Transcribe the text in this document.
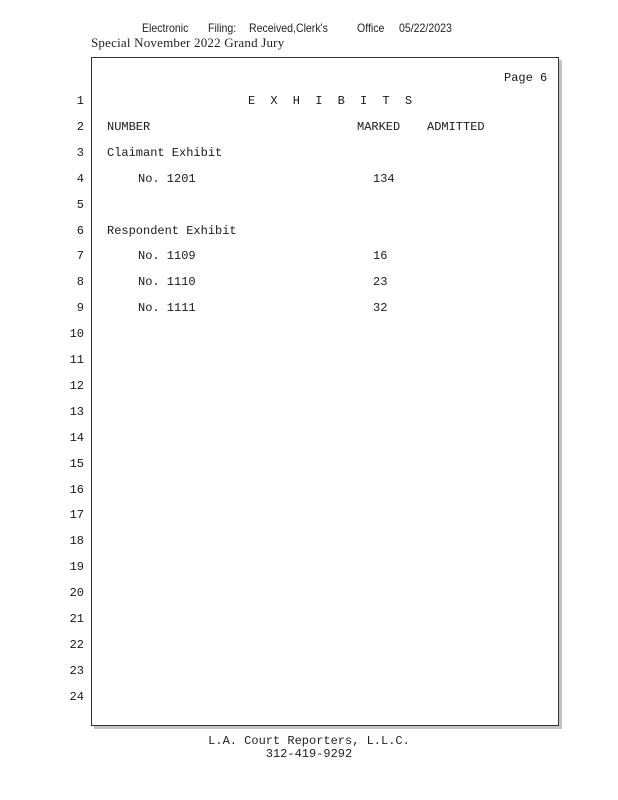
Electronic Filing: Received,Clerk's Office 05/22/2023
Special November 2022 Grand Jury
Page 6
1
2
3
4
5
6
7
8
9
10
11
12
13
14
15
16
17
18
19
20
21
22
23
24
E X H I B I T S
NUMBER	MARKED ADMITTED
Claimant Exhibit
No. 1201	134
Respondent Exhibit
No. 1109	16
No. 1110	23
No. 1111	32
L.A. Court Reporters, L.L.C.
312-419-9292
